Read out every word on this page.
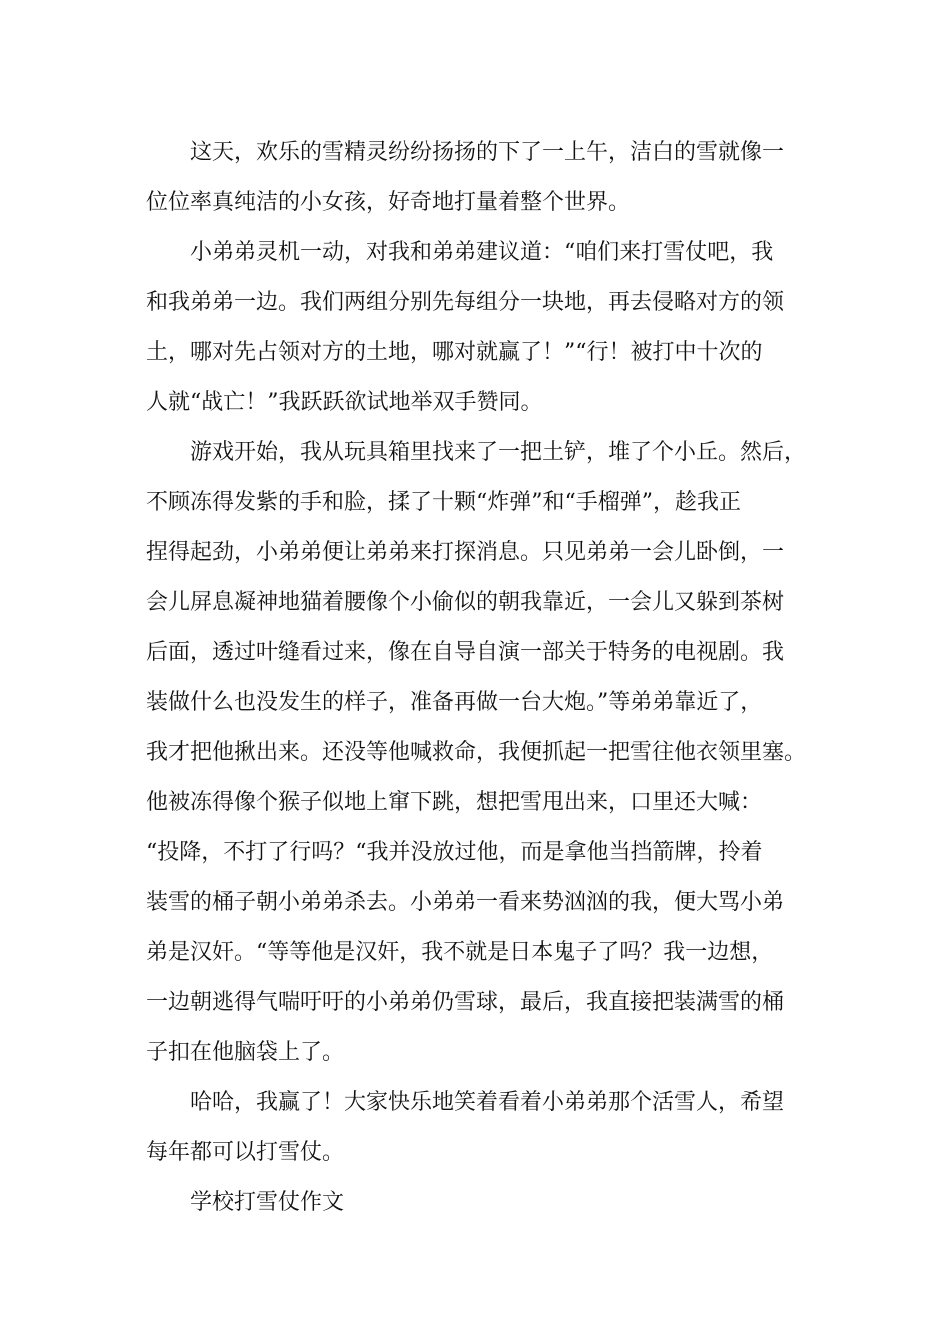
这天，欢乐的雪精灵纷纷扬扬的下了一上午，洁白的雪就像一
位位率真纯洁的小女孩，好奇地打量着整个世界。
小弟弟灵机一动，对我和弟弟建议道：“咱们来打雪仗吧，我
和我弟弟一边。我们两组分别先每组分一块地，再去侵略对方的领
土，哪对先占领对方的土地，哪对就赢了！”“行！被打中十次的
人就“战亡！”我跃跃欲试地举双手赞同。
游戏开始，我从玩具箱里找来了一把土铲，堆了个小丘。然后，
不顾冻得发紫的手和脸，揉了十颗“炸弹”和“手榴弹”，趁我正
捏得起劲，小弟弟便让弟弟来打探消息。只见弟弟一会儿卧倒，一
会儿屏息凝神地猫着腰像个小偷似的朝我靠近，一会儿又躲到茶树
后面，透过叶缝看过来，像在自导自演一部关于特务的电视剧。我
装做什么也没发生的样子，准备再做一台大炮。”等弟弟靠近了，
我才把他揪出来。还没等他喊救命，我便抓起一把雪往他衣领里塞。
他被冻得像个猴子似地上窜下跳，想把雪甩出来，口里还大喊：
“投降，不打了行吗？“我并没放过他，而是拿他当挡箭牌，拎着
装雪的桶子朝小弟弟杀去。小弟弟一看来势汹汹的我，便大骂小弟
弟是汉奸。“等等他是汉奸，我不就是日本鬼子了吗？我一边想，
一边朝逃得气喘吁吁的小弟弟仍雪球，最后，我直接把装满雪的桶
子扣在他脑袋上了。
哈哈，我赢了！大家快乐地笑着看着小弟弟那个活雪人，希望
每年都可以打雪仗。
学校打雪仗作文
